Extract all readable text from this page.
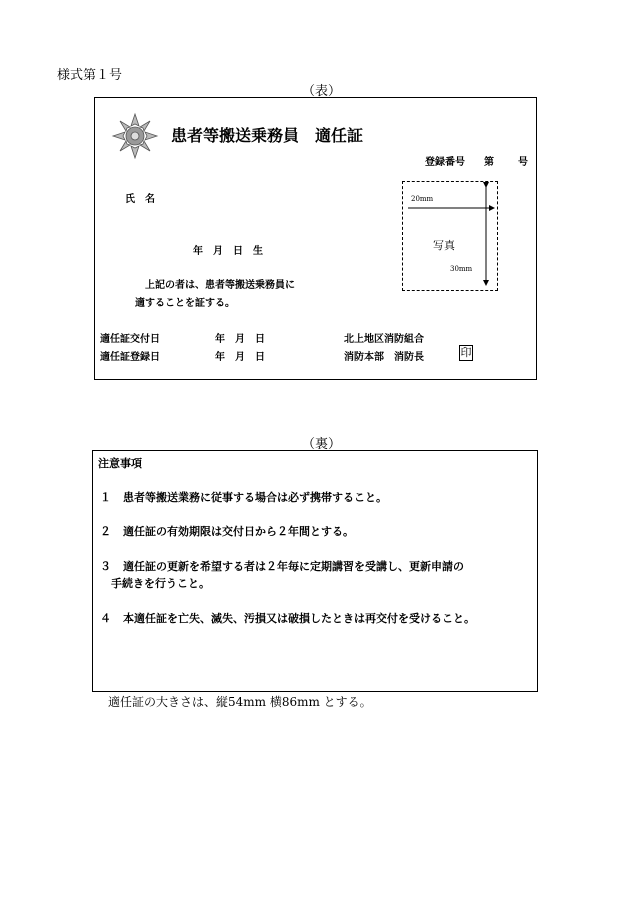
様式第１号
（表）
患者等搬送乗務員　適任証
登録番号 第 号
氏　名
年　月　日　生
上記の者は、患者等搬送乗務員に
適することを証する。
写真
20mm
30mm
適任証交付日	年　月　日
適任証登録日	年　月　日
北上地区消防組合
消防本部　消防長	印
（裏）
注意事項
１ 患者等搬送業務に従事する場合は必ず携帯すること。
２ 適任証の有効期限は交付日から２年間とする。
３ 適任証の更新を希望する者は２年毎に定期講習を受講し、更新申請の
手続きを行うこと。
４ 本適任証を亡失、滅失、汚損又は破損したときは再交付を受けること。
適任証の大きさは、縦54mm 横86mm とする。
